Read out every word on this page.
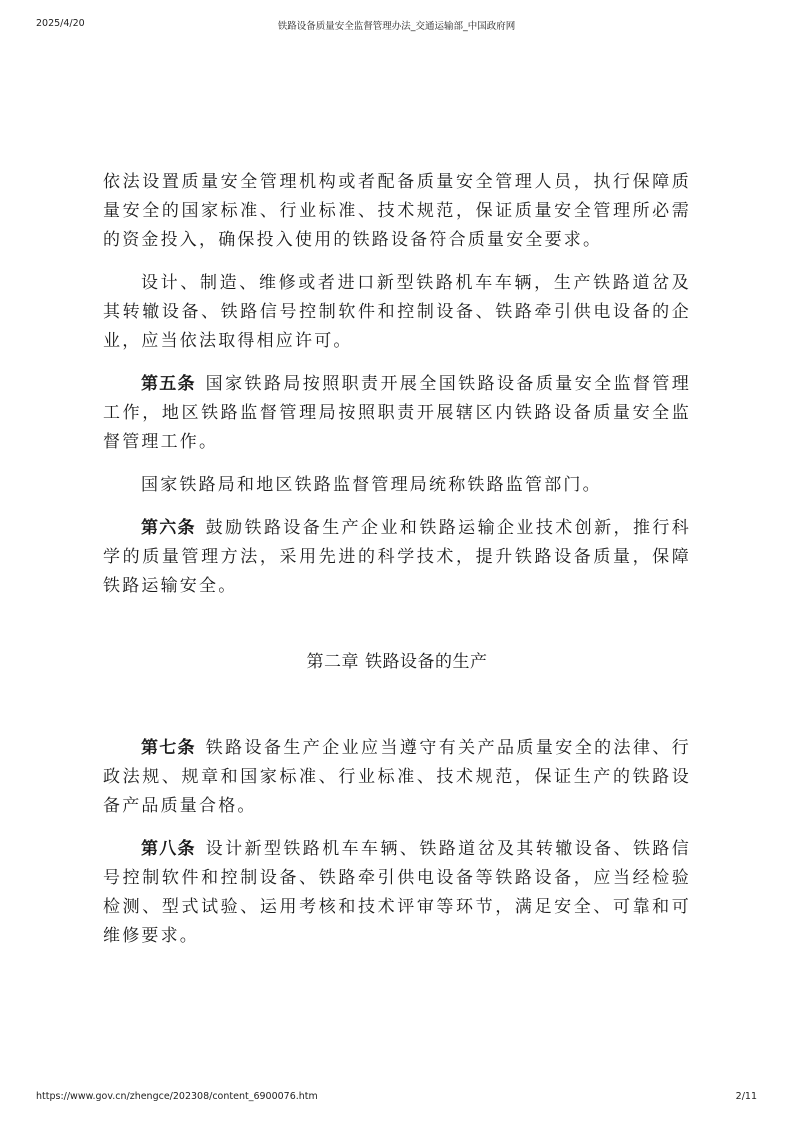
2025/4/20	铁路设备质量安全监督管理办法_交通运输部_中国政府网

依法设置质量安全管理机构或者配备质量安全管理人员，执行保障质量安全的国家标准、行业标准、技术规范，保证质量安全管理所必需的资金投入，确保投入使用的铁路设备符合质量安全要求。

设计、制造、维修或者进口新型铁路机车车辆，生产铁路道岔及其转辙设备、铁路信号控制软件和控制设备、铁路牵引供电设备的企业，应当依法取得相应许可。

第五条 国家铁路局按照职责开展全国铁路设备质量安全监督管理工作，地区铁路监督管理局按照职责开展辖区内铁路设备质量安全监督管理工作。

国家铁路局和地区铁路监督管理局统称铁路监管部门。

第六条 鼓励铁路设备生产企业和铁路运输企业技术创新，推行科学的质量管理方法，采用先进的科学技术，提升铁路设备质量，保障铁路运输安全。

第二章 铁路设备的生产

第七条 铁路设备生产企业应当遵守有关产品质量安全的法律、行政法规、规章和国家标准、行业标准、技术规范，保证生产的铁路设备产品质量合格。

第八条 设计新型铁路机车车辆、铁路道岔及其转辙设备、铁路信号控制软件和控制设备、铁路牵引供电设备等铁路设备，应当经检验检测、型式试验、运用考核和技术评审等环节，满足安全、可靠和可维修要求。

https://www.gov.cn/zhengce/202308/content_6900076.htm	2/11
